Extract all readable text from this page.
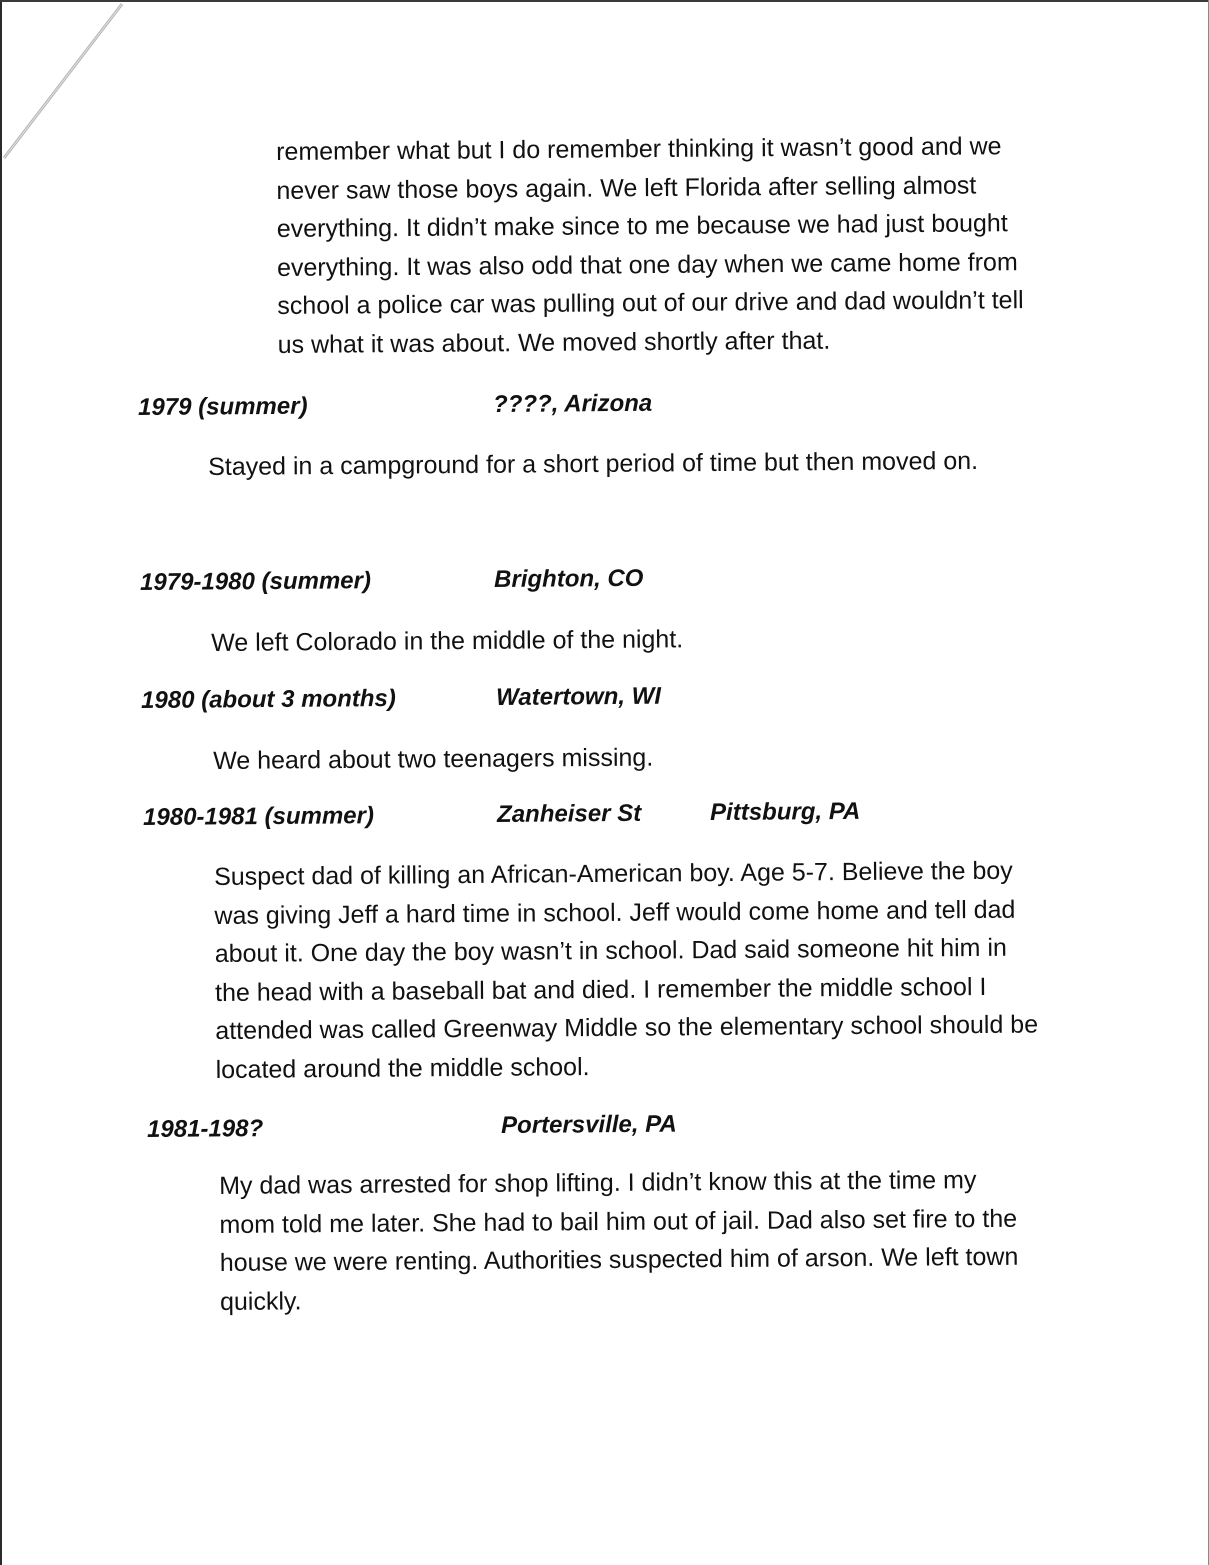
remember what but I do remember thinking it wasn’t good and we
never saw those boys again. We left Florida after selling almost
everything. It didn’t make since to me because we had just bought
everything. It was also odd that one day when we came home from
school a police car was pulling out of our drive and dad wouldn’t tell
us what it was about. We moved shortly after that.
1979 (summer)	????, Arizona
Stayed in a campground for a short period of time but then moved on.
1979-1980 (summer)	Brighton, CO
We left Colorado in the middle of the night.
1980 (about 3 months)	Watertown, WI
We heard about two teenagers missing.
1980-1981 (summer)	Zanheiser St	Pittsburg, PA
Suspect dad of killing an African-American boy. Age 5-7. Believe the boy
was giving Jeff a hard time in school. Jeff would come home and tell dad
about it. One day the boy wasn’t in school. Dad said someone hit him in
the head with a baseball bat and died. I remember the middle school I
attended was called Greenway Middle so the elementary school should be
located around the middle school.
1981-198?	Portersville, PA
My dad was arrested for shop lifting. I didn’t know this at the time my
mom told me later. She had to bail him out of jail. Dad also set fire to the
house we were renting. Authorities suspected him of arson. We left town
quickly.
